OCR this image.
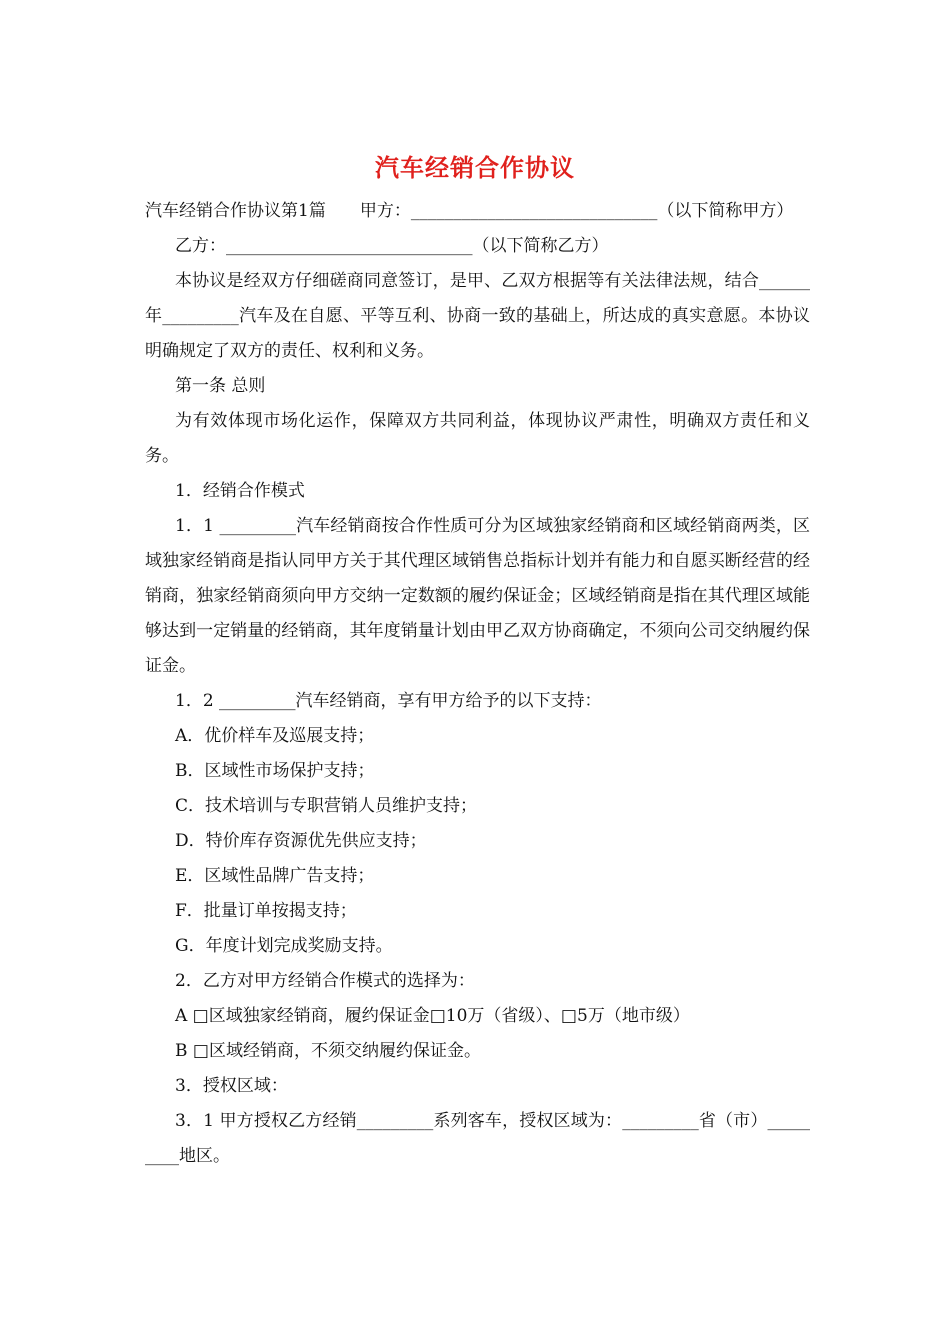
汽车经销合作协议

汽车经销合作协议第1篇　　甲方：_____________________________（以下简称甲方）

乙方：_____________________________（以下简称乙方）

本协议是经双方仔细磋商同意签订，是甲、乙双方根据等有关法律法规，结合______年_________汽车及在自愿、平等互利、协商一致的基础上，所达成的真实意愿。本协议明确规定了双方的责任、权利和义务。

第一条 总则

为有效体现市场化运作，保障双方共同利益，体现协议严肃性，明确双方责任和义务。

1．经销合作模式

1．1 _________汽车经销商按合作性质可分为区域独家经销商和区域经销商两类，区域独家经销商是指认同甲方关于其代理区域销售总指标计划并有能力和自愿买断经营的经销商，独家经销商须向甲方交纳一定数额的履约保证金；区域经销商是指在其代理区域能够达到一定销量的经销商，其年度销量计划由甲乙双方协商确定，不须向公司交纳履约保证金。

1．2 _________汽车经销商，享有甲方给予的以下支持：

A．优价样车及巡展支持；

B．区域性市场保护支持；

C．技术培训与专职营销人员维护支持；

D．特价库存资源优先供应支持；

E．区域性品牌广告支持；

F．批量订单按揭支持；

G．年度计划完成奖励支持。

2．乙方对甲方经销合作模式的选择为：

A □区域独家经销商，履约保证金□10万（省级）、□5万（地市级）

B □区域经销商，不须交纳履约保证金。

3．授权区域：

3．1 甲方授权乙方经销_________系列客车，授权区域为：_________省（市）_________地区。
